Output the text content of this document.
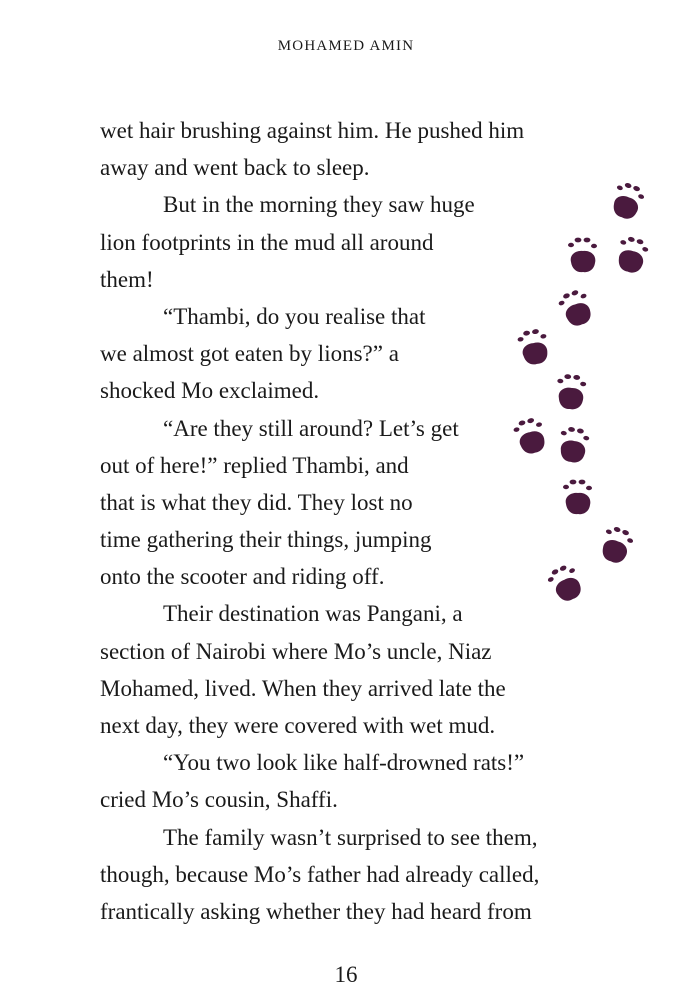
MOHAMED AMIN
wet hair brushing against him. He pushed him
away and went back to sleep.
But in the morning they saw huge
lion footprints in the mud all around
them!
“Thambi, do you realise that
we almost got eaten by lions?” a
shocked Mo exclaimed.
“Are they still around? Let’s get
out of here!” replied Thambi, and
that is what they did. They lost no
time gathering their things, jumping
onto the scooter and riding off.
Their destination was Pangani, a
section of Nairobi where Mo’s uncle, Niaz
Mohamed, lived. When they arrived late the
next day, they were covered with wet mud.
“You two look like half-drowned rats!”
cried Mo’s cousin, Shaffi.
The family wasn’t surprised to see them,
though, because Mo’s father had already called,
frantically asking whether they had heard from
16
